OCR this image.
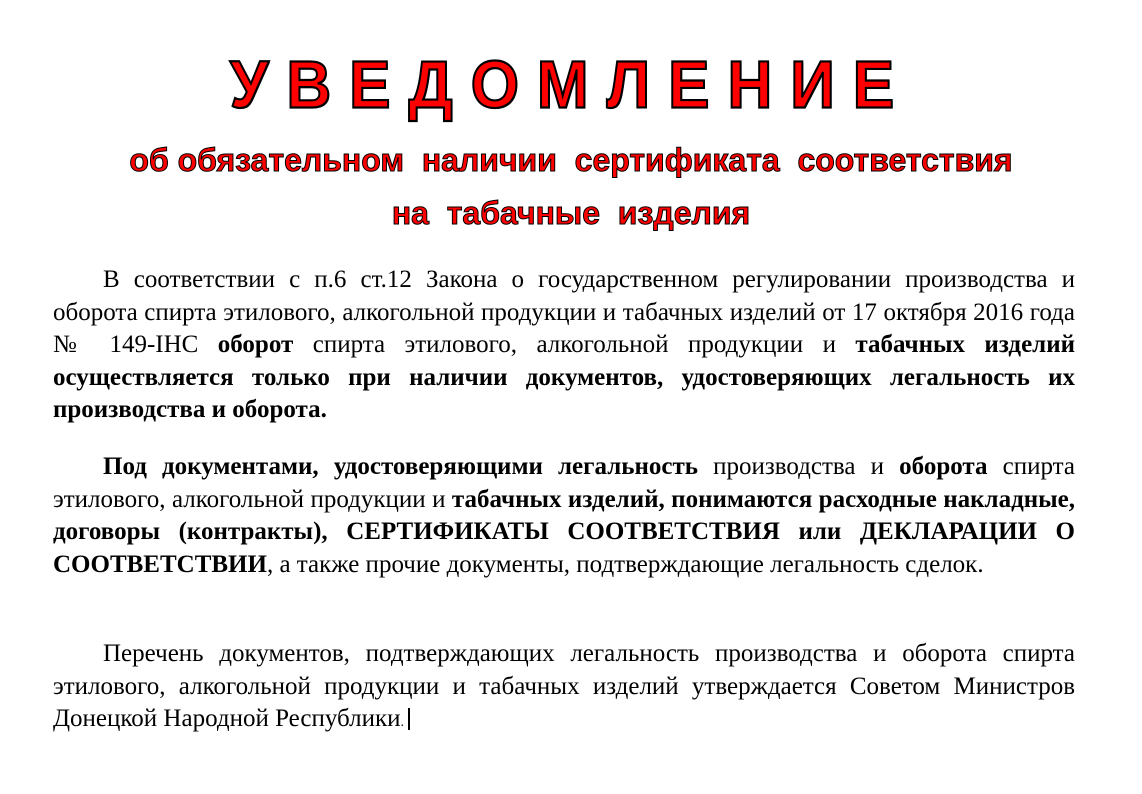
УВЕДОМЛЕНИЕ
об обязательном  наличии  сертификата  соответствия
на  табачные  изделия

В соответствии с п.6 ст.12 Закона о государственном регулировании производства и оборота спирта этилового, алкогольной продукции и табачных изделий от 17 октября 2016 года № 149-IНС оборот спирта этилового, алкогольной продукции и табачных изделий осуществляется только при наличии документов, удостоверяющих легальность их производства и оборота.

Под документами, удостоверяющими легальность производства и оборота спирта этилового, алкогольной продукции и табачных изделий, понимаются расходные накладные, договоры (контракты), СЕРТИФИКАТЫ СООТВЕТСТВИЯ или ДЕКЛАРАЦИИ О СООТВЕТСТВИИ, а также прочие документы, подтверждающие легальность сделок.

Перечень документов, подтверждающих легальность производства и оборота спирта этилового, алкогольной продукции и табачных изделий утверждается Советом Министров Донецкой Народной Республики.
